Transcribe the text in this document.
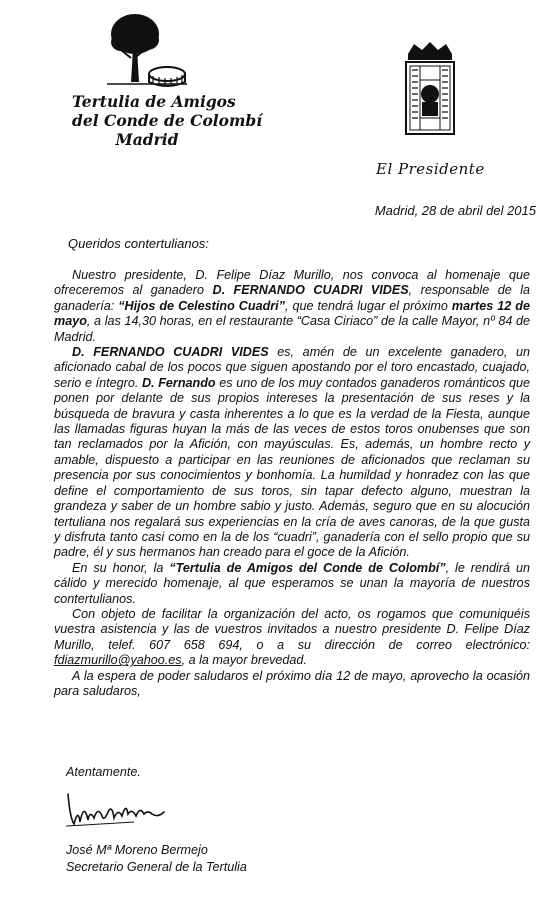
Tertulia de Amigos
del Conde de Colombí
Madrid
El Presidente
Madrid, 28 de abril del 2015
Queridos contertulianos:

Nuestro presidente, D. Felipe Díaz Murillo, nos convoca al homenaje que ofreceremos al ganadero D. FERNANDO CUADRI VIDES, responsable de la ganadería: “Hijos de Celestino Cuadri”, que tendrá lugar el próximo martes 12 de mayo, a las 14,30 horas, en el restaurante “Casa Ciriaco” de la calle Mayor, nº 84 de Madrid.

D. FERNANDO CUADRI VIDES es, amén de un excelente ganadero, un aficionado cabal de los pocos que siguen apostando por el toro encastado, cuajado, serio e íntegro. D. Fernando es uno de los muy contados ganaderos románticos que ponen por delante de sus propios intereses la presentación de sus reses y la búsqueda de bravura y casta inherentes a lo que es la verdad de la Fiesta, aunque las llamadas figuras huyan la más de las veces de estos toros onubenses que son tan reclamados por la Afición, con mayúsculas. Es, además, un hombre recto y amable, dispuesto a participar en las reuniones de aficionados que reclaman su presencia por sus conocimientos y bonhomía. La humildad y honradez con las que define el comportamiento de sus toros, sin tapar defecto alguno, muestran la grandeza y saber de un hombre sabio y justo. Además, seguro que en su alocución tertuliana nos regalará sus experiencias en la cría de aves canoras, de la que gusta y disfruta tanto casi como en la de los “cuadri”, ganadería con el sello propio que su padre, él y sus hermanos han creado para el goce de la Afición.

En su honor, la “Tertulia de Amigos del Conde de Colombí”, le rendirá un cálido y merecido homenaje, al que esperamos se unan la mayoría de nuestros contertulianos.

Con objeto de facilitar la organización del acto, os rogamos que comuniquéis vuestra asistencia y las de vuestros invitados a nuestro presidente D. Felipe Díaz Murillo, telef. 607 658 694, o a su dirección de correo electrónico: fdiazmurillo@yahoo.es, a la mayor brevedad.

A la espera de poder saludaros el próximo día 12 de mayo, aprovecho la ocasión para saludaros,

Atentamente.
José Mª Moreno Bermejo
Secretario General de la Tertulia
